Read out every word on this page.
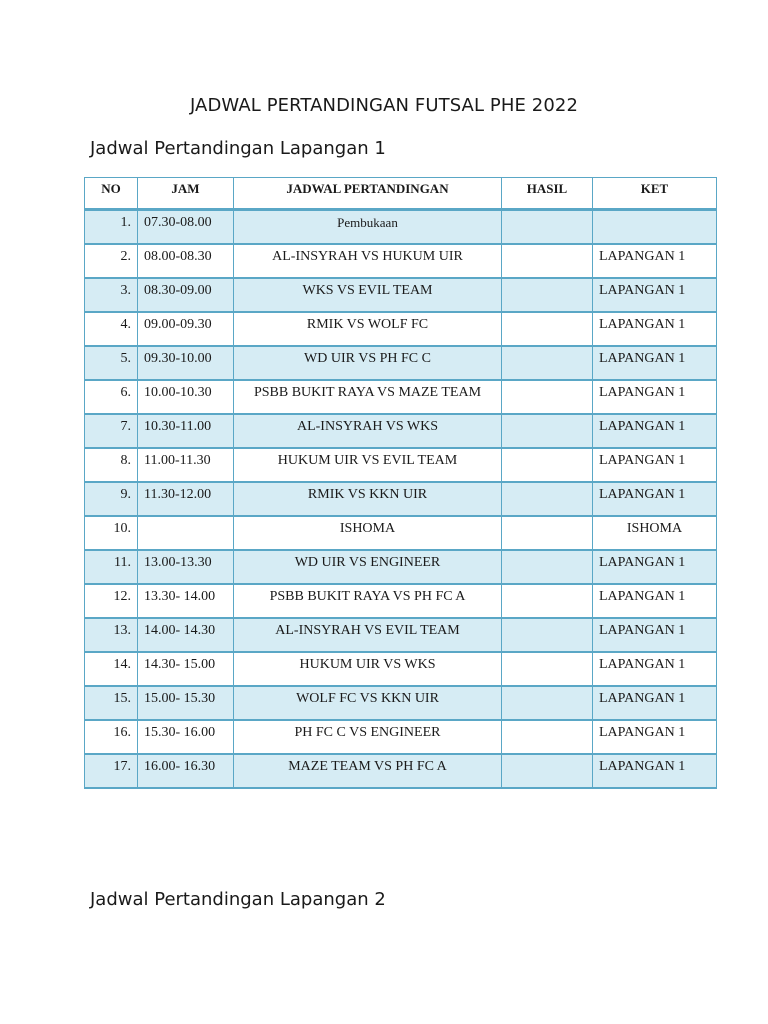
JADWAL PERTANDINGAN FUTSAL PHE 2022
Jadwal Pertandingan Lapangan 1
NO	JAM	JADWAL PERTANDINGAN	HASIL	KET
1.	07.30-08.00	Pembukaan		
2.	08.00-08.30	AL-INSYRAH VS HUKUM UIR		LAPANGAN 1
3.	08.30-09.00	WKS VS EVIL TEAM		LAPANGAN 1
4.	09.00-09.30	RMIK VS WOLF FC		LAPANGAN 1
5.	09.30-10.00	WD UIR VS PH FC C		LAPANGAN 1
6.	10.00-10.30	PSBB BUKIT RAYA VS MAZE TEAM		LAPANGAN 1
7.	10.30-11.00	AL-INSYRAH VS WKS		LAPANGAN 1
8.	11.00-11.30	HUKUM UIR VS EVIL TEAM		LAPANGAN 1
9.	11.30-12.00	RMIK VS KKN UIR		LAPANGAN 1
10.		ISHOMA		ISHOMA
11.	13.00-13.30	WD UIR VS ENGINEER		LAPANGAN 1
12.	13.30- 14.00	PSBB BUKIT RAYA VS PH FC A		LAPANGAN 1
13.	14.00- 14.30	AL-INSYRAH VS EVIL TEAM		LAPANGAN 1
14.	14.30- 15.00	HUKUM UIR VS WKS		LAPANGAN 1
15.	15.00- 15.30	WOLF FC VS KKN UIR		LAPANGAN 1
16.	15.30- 16.00	PH FC C VS ENGINEER		LAPANGAN 1
17.	16.00- 16.30	MAZE TEAM VS PH FC A		LAPANGAN 1
Jadwal Pertandingan Lapangan 2
